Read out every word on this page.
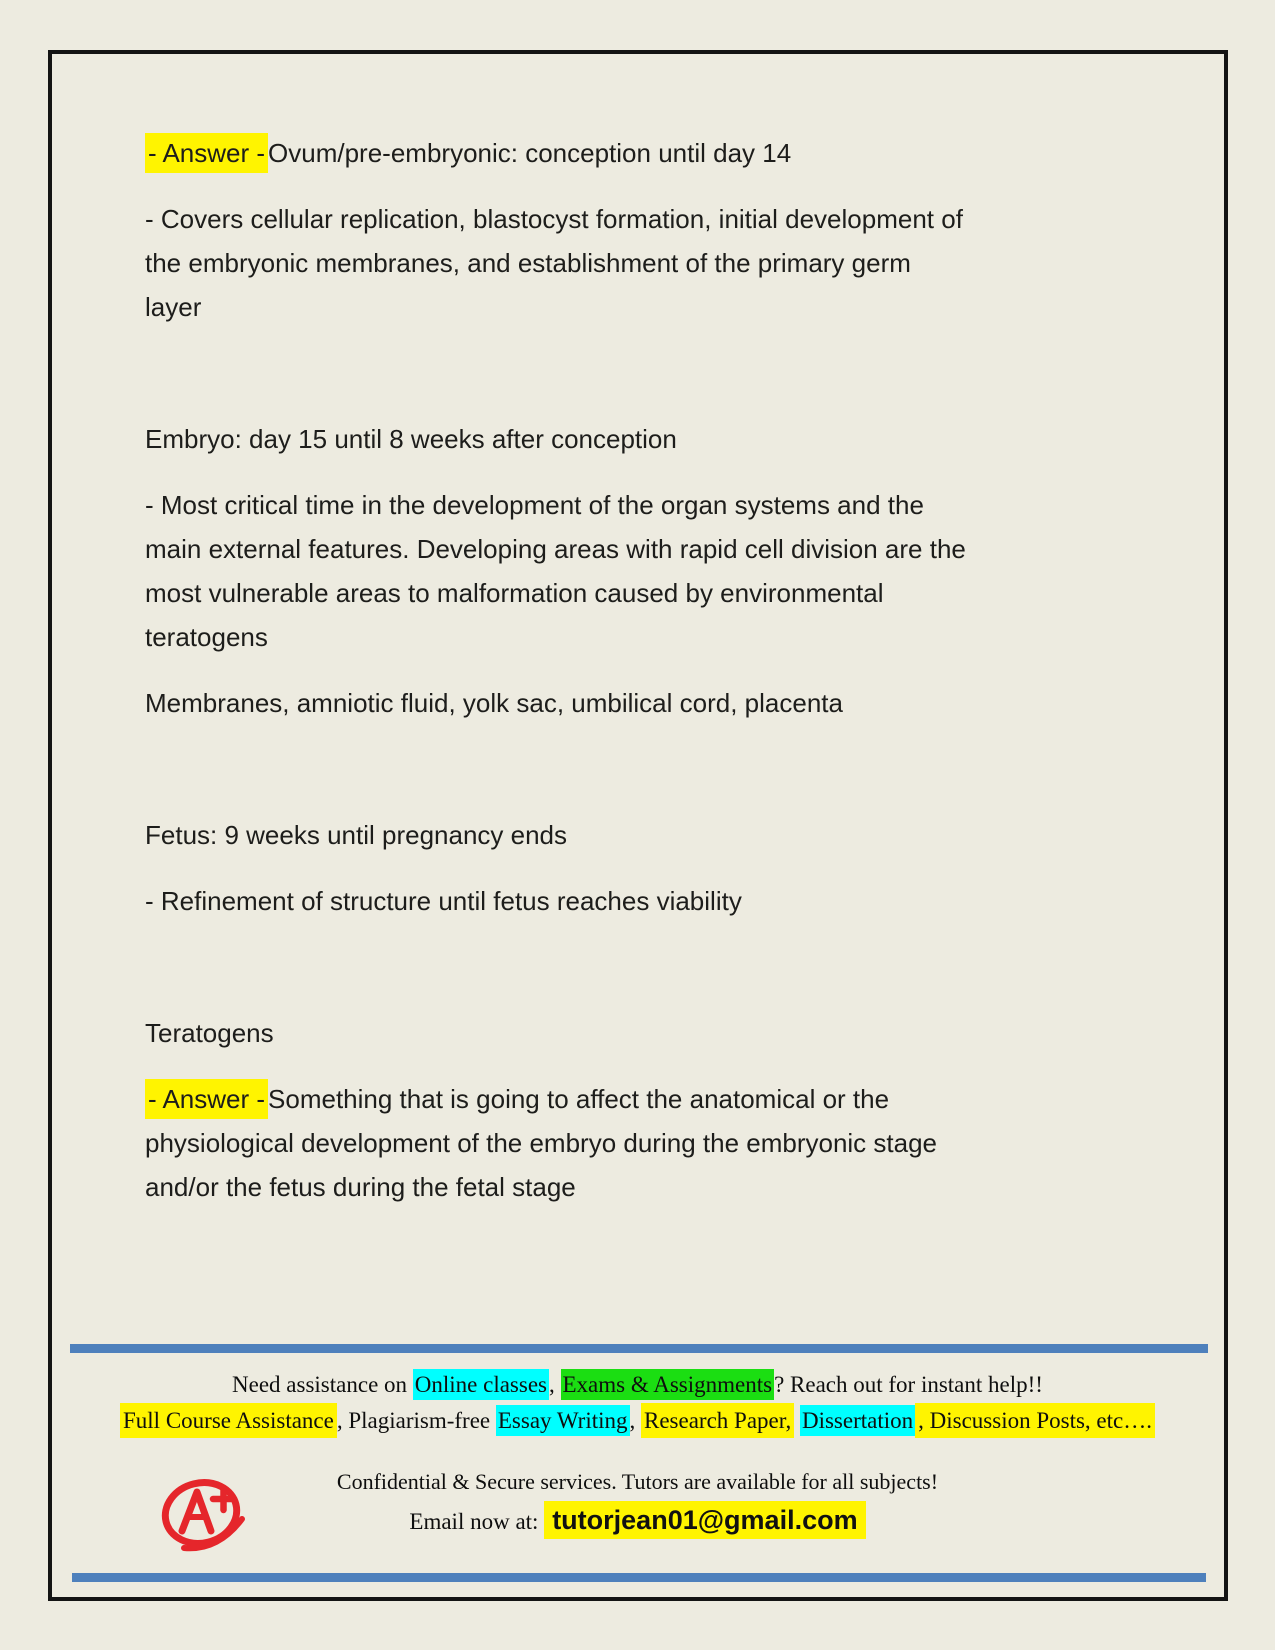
- Answer - Ovum/pre-embryonic: conception until day 14

- Covers cellular replication, blastocyst formation, initial development of
the embryonic membranes, and establishment of the primary germ
layer

Embryo: day 15 until 8 weeks after conception

- Most critical time in the development of the organ systems and the
main external features. Developing areas with rapid cell division are the
most vulnerable areas to malformation caused by environmental
teratogens

Membranes, amniotic fluid, yolk sac, umbilical cord, placenta

Fetus: 9 weeks until pregnancy ends

- Refinement of structure until fetus reaches viability

Teratogens

- Answer - Something that is going to affect the anatomical or the
physiological development of the embryo during the embryonic stage
and/or the fetus during the fetal stage

Need assistance on Online classes, Exams & Assignments? Reach out for instant help!!
Full Course Assistance , Plagiarism-free Essay Writing, Research Paper, Dissertation , Discussion Posts, etc….
Confidential & Secure services. Tutors are available for all subjects!
Email now at: tutorjean01@gmail.com
